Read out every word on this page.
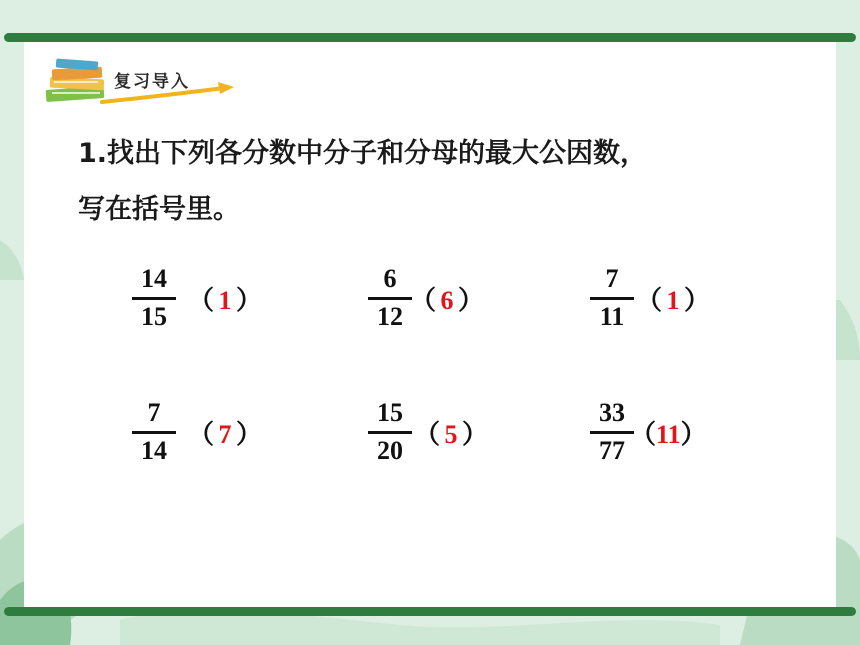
复习导入
1.找出下列各分数中分子和分母的最大公因数，
写在括号里。
14
15
（ 1 ）
6
12
（ 6 ）
7
11
（ 1 ）
7
14
（ 7 ）
15
20
（ 5 ）
33
77
（11）
